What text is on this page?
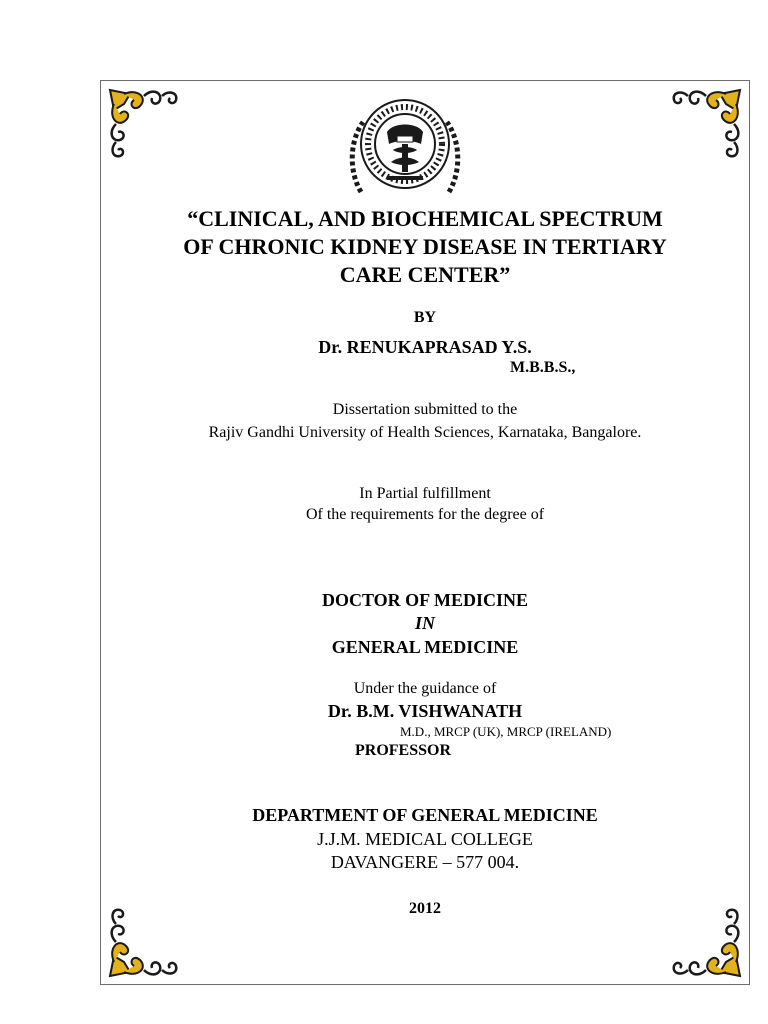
“CLINICAL, AND BIOCHEMICAL SPECTRUM
OF CHRONIC KIDNEY DISEASE IN TERTIARY
CARE CENTER”
BY
Dr. RENUKAPRASAD Y.S.
M.B.B.S.,
Dissertation submitted to the
Rajiv Gandhi University of Health Sciences, Karnataka, Bangalore.
In Partial fulfillment
Of the requirements for the degree of
DOCTOR OF MEDICINE
IN
GENERAL MEDICINE
Under the guidance of
Dr. B.M. VISHWANATH
M.D., MRCP (UK), MRCP (IRELAND)
PROFESSOR
DEPARTMENT OF GENERAL MEDICINE
J.J.M. MEDICAL COLLEGE
DAVANGERE – 577 004.
2012
